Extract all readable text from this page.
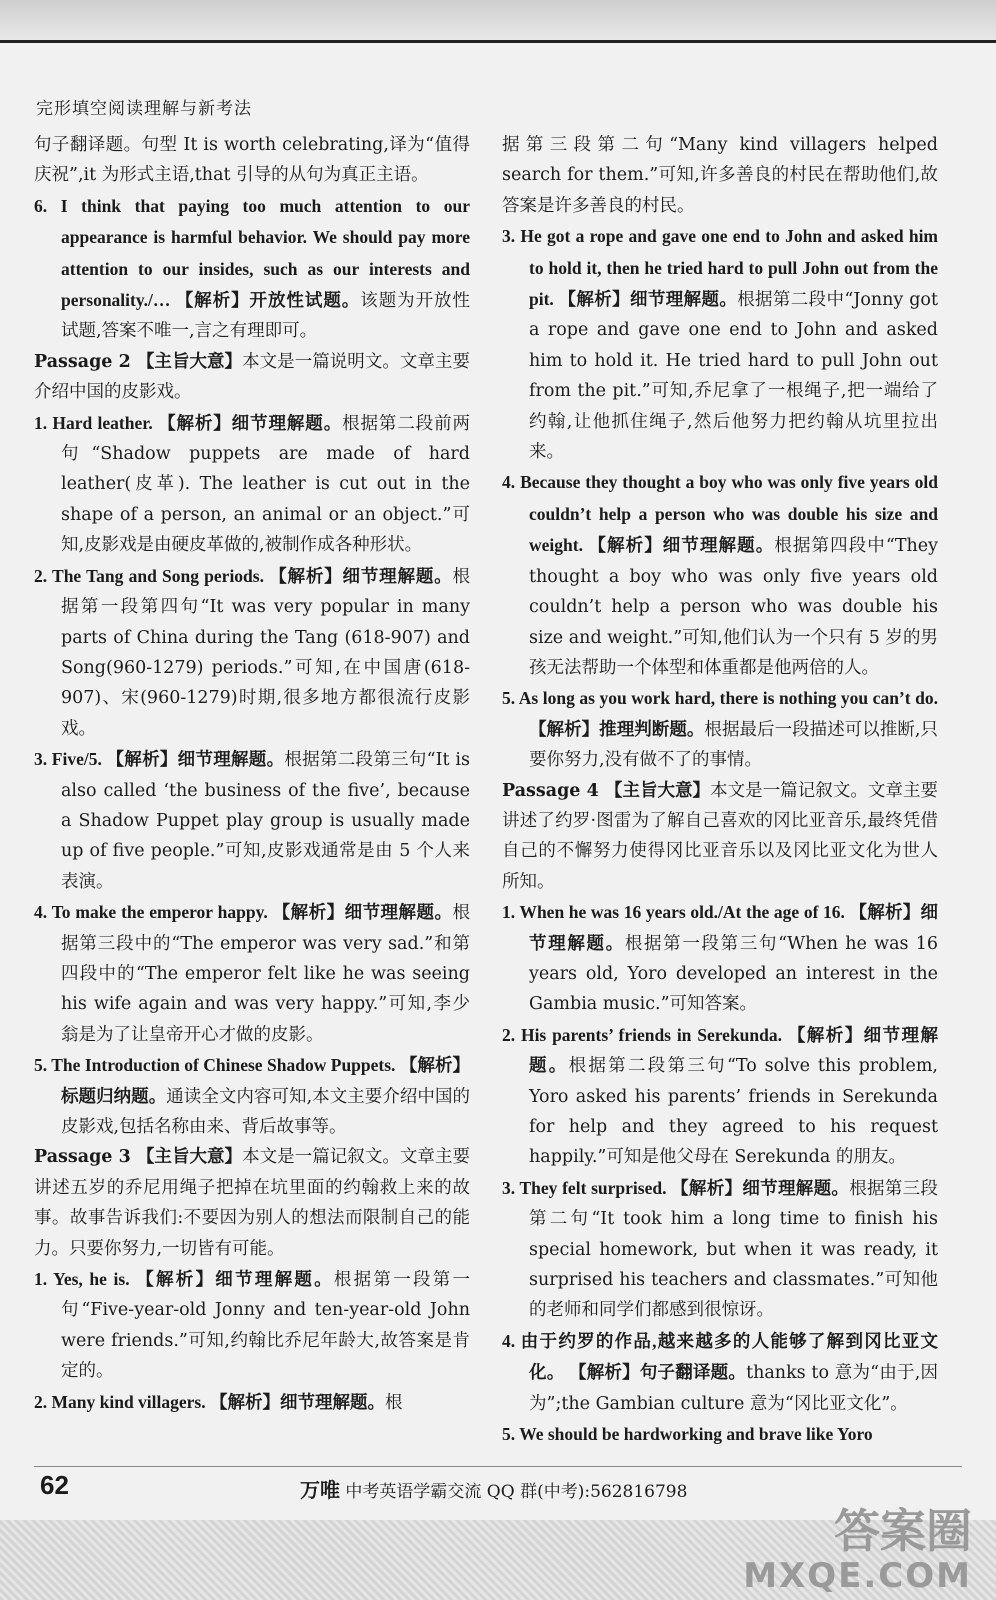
完形填空阅读理解与新考法

句子翻译题。句型 It is worth celebrating,译为“值得庆祝”,it 为形式主语,that 引导的从句为真正主语。

6. I think that paying too much attention to our appearance is harmful behavior. We should pay more attention to our insides, such as our interests and personality./… 【解析】开放性试题。该题为开放性试题,答案不唯一,言之有理即可。

Passage 2 【主旨大意】本文是一篇说明文。文章主要介绍中国的皮影戏。

1. Hard leather. 【解析】细节理解题。根据第二段前两句“Shadow puppets are made of hard leather(皮革). The leather is cut out in the shape of a person, an animal or an object.”可知,皮影戏是由硬皮革做的,被制作成各种形状。

2. The Tang and Song periods. 【解析】细节理解题。根据第一段第四句“It was very popular in many parts of China during the Tang (618-907) and Song(960-1279) periods.”可知,在中国唐(618-907)、宋(960-1279)时期,很多地方都很流行皮影戏。

3. Five/5. 【解析】细节理解题。根据第二段第三句“It is also called ‘the business of the five’, because a Shadow Puppet play group is usually made up of five people.”可知,皮影戏通常是由 5 个人来表演。

4. To make the emperor happy. 【解析】细节理解题。根据第三段中的“The emperor was very sad.”和第四段中的“The emperor felt like he was seeing his wife again and was very happy.”可知,李少翁是为了让皇帝开心才做的皮影。

5. The Introduction of Chinese Shadow Puppets. 【解析】标题归纳题。通读全文内容可知,本文主要介绍中国的皮影戏,包括名称由来、背后故事等。

Passage 3 【主旨大意】本文是一篇记叙文。文章主要讲述五岁的乔尼用绳子把掉在坑里面的约翰救上来的故事。故事告诉我们:不要因为别人的想法而限制自己的能力。只要你努力,一切皆有可能。

1. Yes, he is. 【解析】细节理解题。根据第一段第一句“Five-year-old Jonny and ten-year-old John were friends.”可知,约翰比乔尼年龄大,故答案是肯定的。

2. Many kind villagers. 【解析】细节理解题。根

据第三段第二句“Many kind villagers helped search for them.”可知,许多善良的村民在帮助他们,故答案是许多善良的村民。

3. He got a rope and gave one end to John and asked him to hold it, then he tried hard to pull John out from the pit. 【解析】细节理解题。根据第二段中“Jonny got a rope and gave one end to John and asked him to hold it. He tried hard to pull John out from the pit.”可知,乔尼拿了一根绳子,把一端给了约翰,让他抓住绳子,然后他努力把约翰从坑里拉出来。

4. Because they thought a boy who was only five years old couldn’t help a person who was double his size and weight. 【解析】细节理解题。根据第四段中“They thought a boy who was only five years old couldn’t help a person who was double his size and weight.”可知,他们认为一个只有 5 岁的男孩无法帮助一个体型和体重都是他两倍的人。

5. As long as you work hard, there is nothing you can’t do. 【解析】推理判断题。根据最后一段描述可以推断,只要你努力,没有做不了的事情。

Passage 4 【主旨大意】本文是一篇记叙文。文章主要讲述了约罗·图雷为了解自己喜欢的冈比亚音乐,最终凭借自己的不懈努力使得冈比亚音乐以及冈比亚文化为世人所知。

1. When he was 16 years old./At the age of 16. 【解析】细节理解题。根据第一段第三句“When he was 16 years old, Yoro developed an interest in the Gambia music.”可知答案。

2. His parents’ friends in Serekunda. 【解析】细节理解题。根据第二段第三句“To solve this problem, Yoro asked his parents’ friends in Serekunda for help and they agreed to his request happily.”可知是他父母在 Serekunda 的朋友。

3. They felt surprised. 【解析】细节理解题。根据第三段第二句“It took him a long time to finish his special homework, but when it was ready, it surprised his teachers and classmates.”可知他的老师和同学们都感到很惊讶。

4. 由于约罗的作品,越来越多的人能够了解到冈比亚文化。 【解析】句子翻译题。thanks to 意为“由于,因为”;the Gambian culture 意为“冈比亚文化”。

5. We should be hardworking and brave like Yoro

62	万唯 中考英语学霸交流 QQ 群(中考):562816798
答案圈
MXQE.COM
